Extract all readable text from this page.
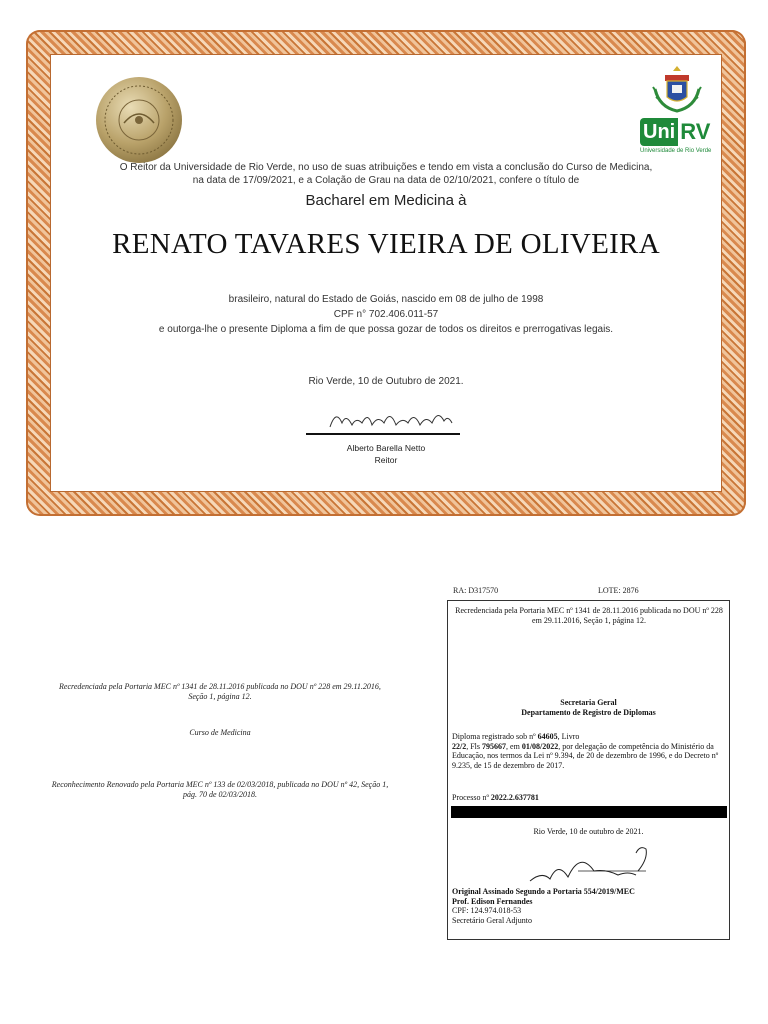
Uni RV
Universidade de Rio Verde
O Reitor da Universidade de Rio Verde, no uso de suas atribuições e tendo em vista a conclusão do Curso de Medicina,
na data de 17/09/2021, e a Colação de Grau na data de 02/10/2021, confere o título de
Bacharel em Medicina à
RENATO TAVARES VIEIRA DE OLIVEIRA
brasileiro, natural do Estado de Goiás, nascido em 08 de julho de 1998
CPF n° 702.406.011-57
e outorga-lhe o presente Diploma a fim de que possa gozar de todos os direitos e prerrogativas legais.
Rio Verde, 10 de Outubro de 2021.
Alberto Barella Netto
Reitor
Recredenciada pela Portaria MEC nº 1341 de 28.11.2016 publicada no DOU nº 228 em 29.11.2016, Seção 1, página 12.
Curso de Medicina
Reconhecimento Renovado pela Portaria MEC nº 133 de 02/03/2018, publicada no DOU nº 42, Seção 1, pág. 70 de 02/03/2018.
RA: D317570	LOTE: 2876
Recredenciada pela Portaria MEC nº 1341 de 28.11.2016 publicada no DOU nº 228 em 29.11.2016, Seção 1, página 12.
Secretaria Geral
Departamento de Registro de Diplomas
Diploma registrado sob nº 64605, Livro
22/2, Fls 795667, em 01/08/2022, por delegação de competência do Ministério da Educação, nos termos da Lei nº 9.394, de 20 de dezembro de 1996, e do Decreto nº 9.235, de 15 de dezembro de 2017.
Processo nº 2022.2.637781
Rio Verde, 10 de outubro de 2021.
Original Assinado Segundo a Portaria 554/2019/MEC
Prof. Edison Fernandes
CPF: 124.974.018-53
Secretário Geral Adjunto
